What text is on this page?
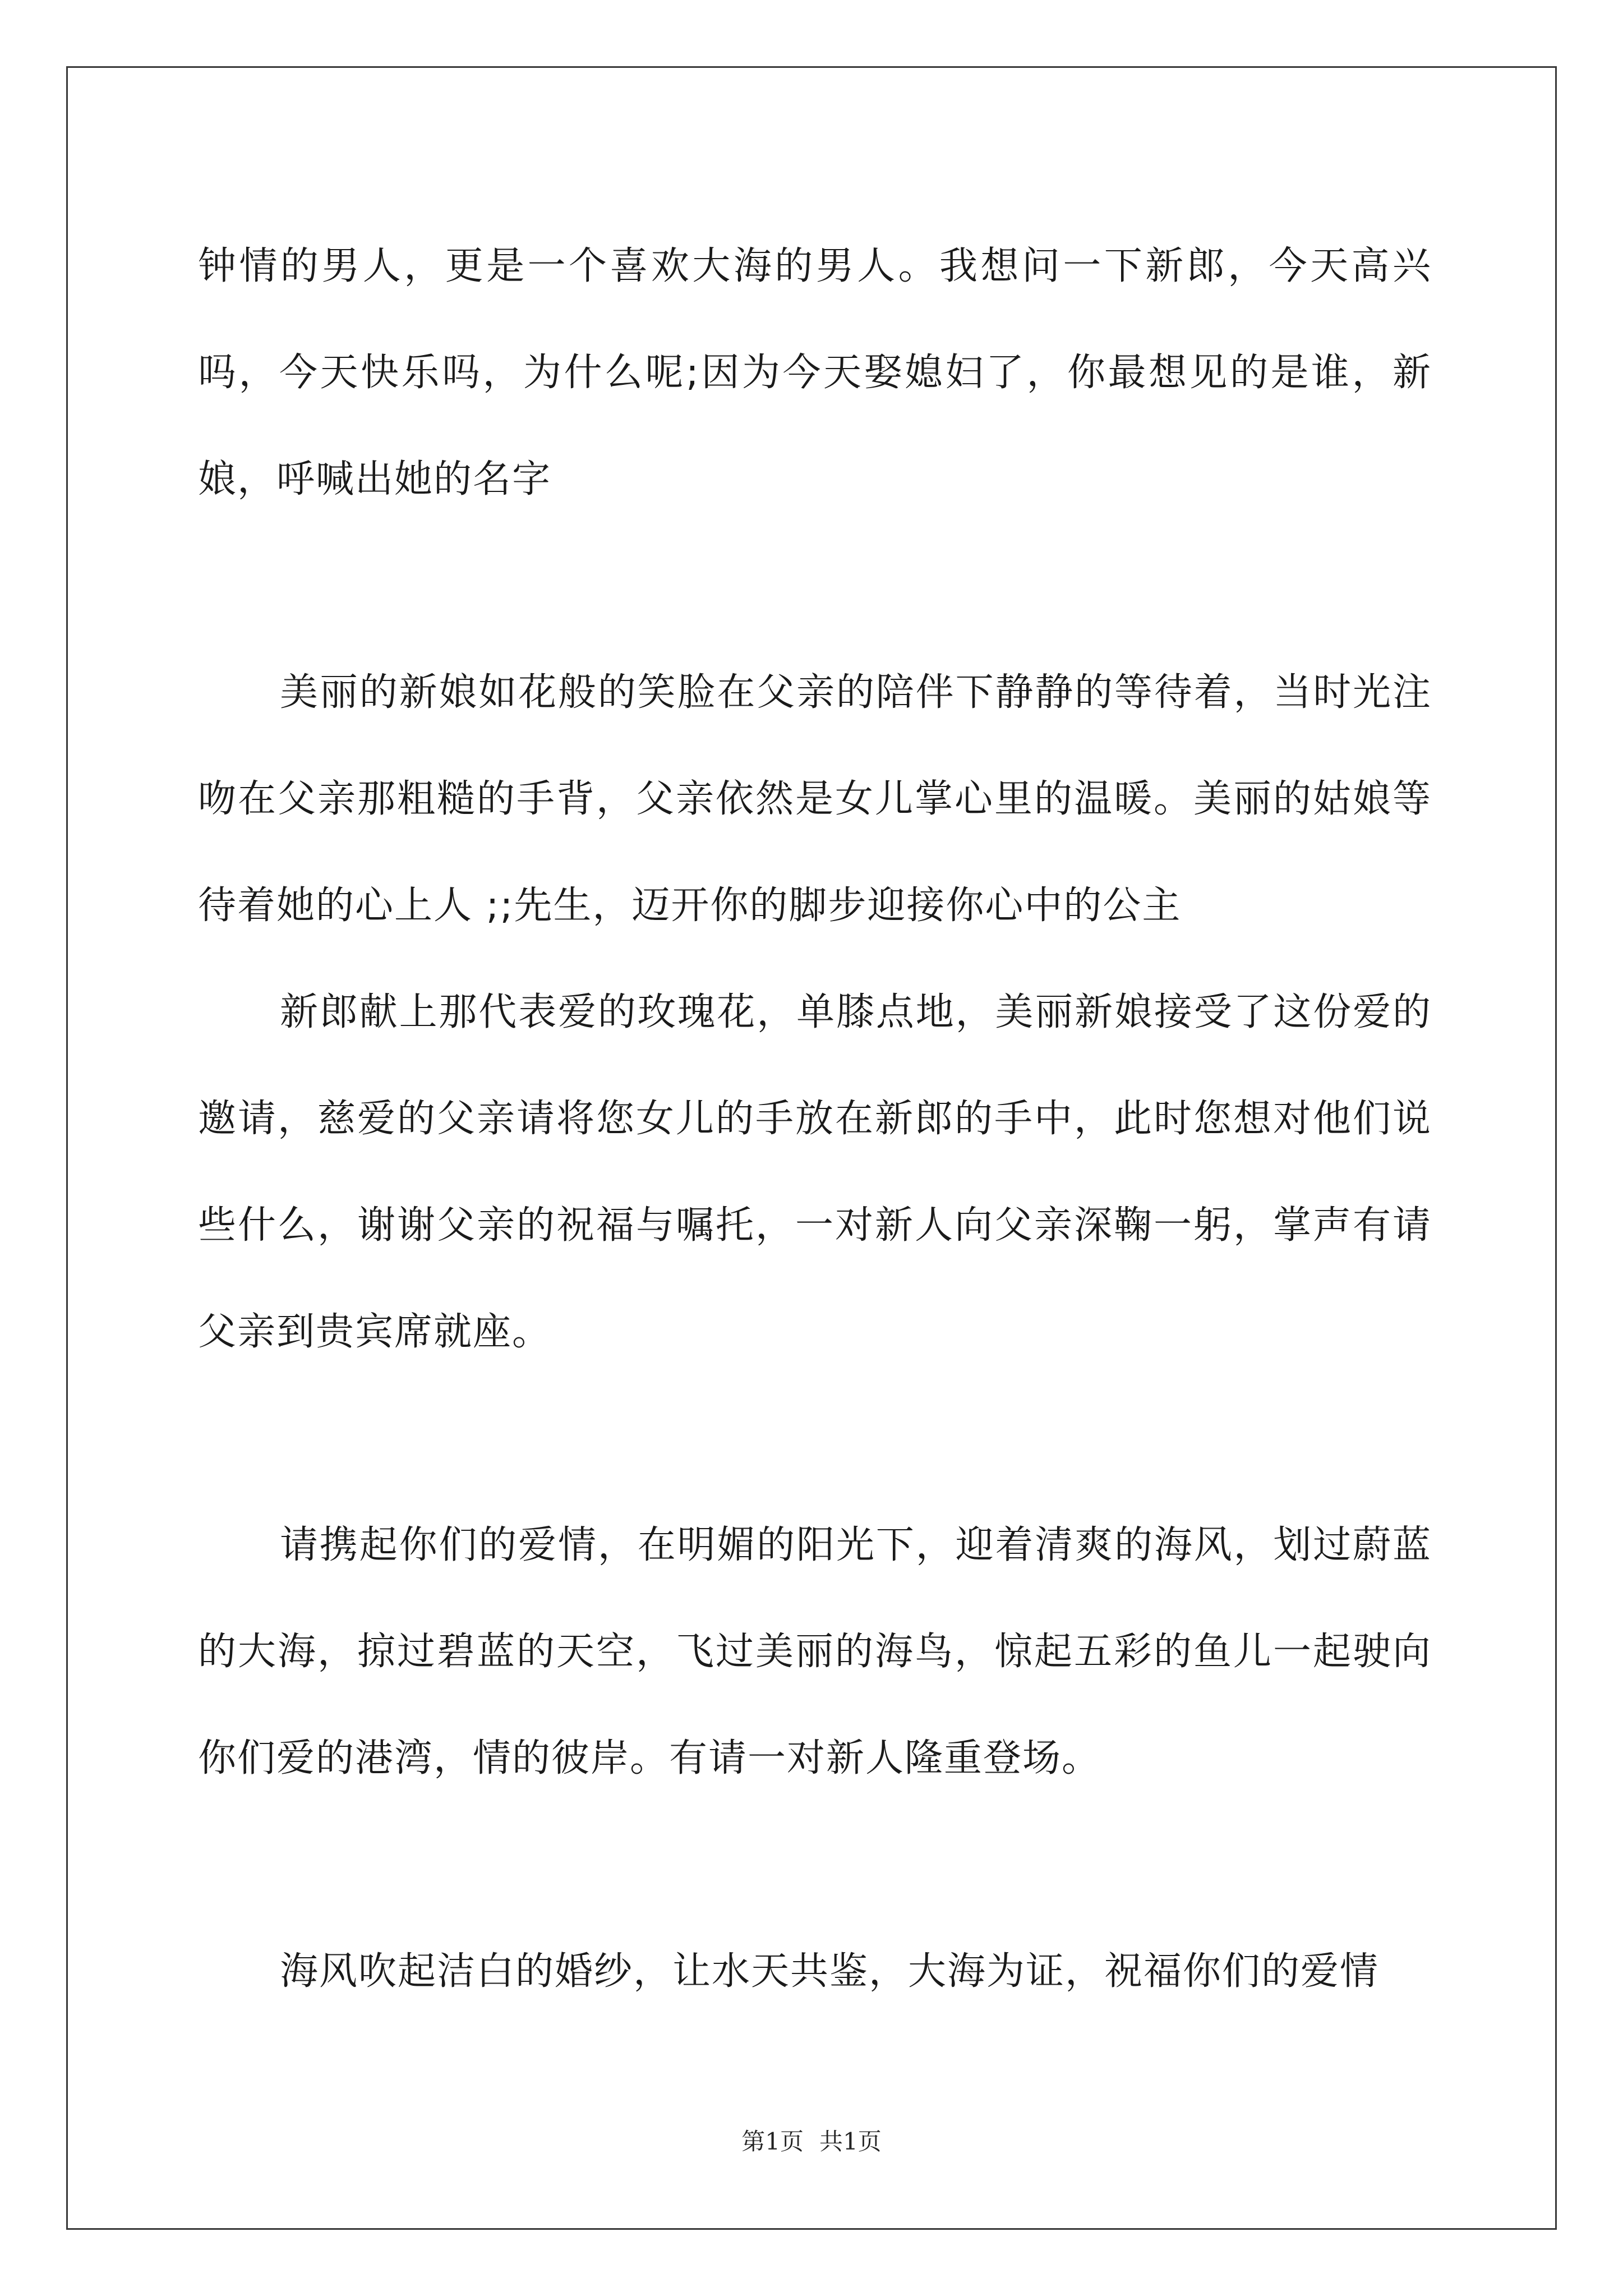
钟情的男人，更是一个喜欢大海的男人。我想问一下新郎，今天高兴吗，今天快乐吗，为什么呢;因为今天娶媳妇了，你最想见的是谁，新娘，呼喊出她的名字

美丽的新娘如花般的笑脸在父亲的陪伴下静静的等待着，当时光注吻在父亲那粗糙的手背，父亲依然是女儿掌心里的温暖。美丽的姑娘等待着她的心上人 ;;先生，迈开你的脚步迎接你心中的公主

新郎献上那代表爱的玫瑰花，单膝点地，美丽新娘接受了这份爱的邀请，慈爱的父亲请将您女儿的手放在新郎的手中，此时您想对他们说些什么，谢谢父亲的祝福与嘱托，一对新人向父亲深鞠一躬，掌声有请父亲到贵宾席就座。

请携起你们的爱情，在明媚的阳光下，迎着清爽的海风，划过蔚蓝的大海，掠过碧蓝的天空，飞过美丽的海鸟，惊起五彩的鱼儿一起驶向你们爱的港湾，情的彼岸。有请一对新人隆重登场。

海风吹起洁白的婚纱，让水天共鉴，大海为证，祝福你们的爱情

第1页 共1页
